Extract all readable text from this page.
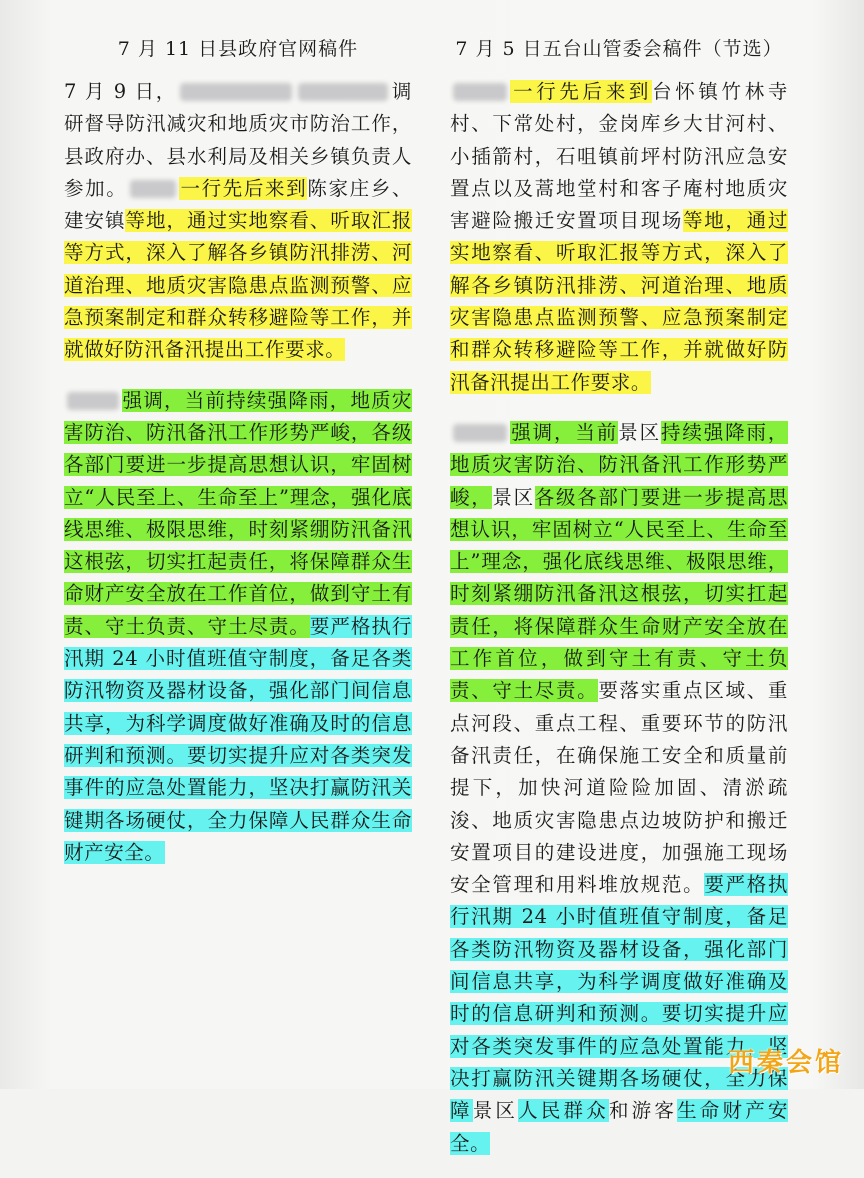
7 月 11 日县政府官网稿件

7 月 9 日，	调研督导防汛减灾和地质灾市防治工作，县政府办、县水利局及相关乡镇负责人参加。	一行先后来到陈家庄乡、建安镇等地，通过实地察看、听取汇报等方式，深入了解各乡镇防汛排涝、河道治理、地质灾害隐患点监测预警、应急预案制定和群众转移避险等工作，并就做好防汛备汛提出工作要求。

强调，当前持续强降雨，地质灾害防治、防汛备汛工作形势严峻，各级各部门要进一步提高思想认识，牢固树立“人民至上、生命至上”理念，强化底线思维、极限思维，时刻紧绷防汛备汛这根弦，切实扛起责任，将保障群众生命财产安全放在工作首位，做到守土有责、守土负责、守土尽责。要严格执行汛期 24 小时值班值守制度，备足各类防汛物资及器材设备，强化部门间信息共享，为科学调度做好准确及时的信息研判和预测。要切实提升应对各类突发事件的应急处置能力，坚决打赢防汛关键期各场硬仗，全力保障人民群众生命财产安全。

7 月 5 日五台山管委会稿件（节选）

一行先后来到台怀镇竹林寺村、下常处村，金岗库乡大甘河村、小插箭村，石咀镇前坪村防汛应急安置点以及蒿地堂村和客子庵村地质灾害避险搬迁安置项目现场等地，通过实地察看、听取汇报等方式，深入了解各乡镇防汛排涝、河道治理、地质灾害隐患点监测预警、应急预案制定和群众转移避险等工作，并就做好防汛备汛提出工作要求。

强调，当前景区持续强降雨，地质灾害防治、防汛备汛工作形势严峻，景区各级各部门要进一步提高思想认识，牢固树立“人民至上、生命至上”理念，强化底线思维、极限思维，时刻紧绷防汛备汛这根弦，切实扛起责任，将保障群众生命财产安全放在工作首位，做到守土有责、守土负责、守土尽责。要落实重点区域、重点河段、重点工程、重要环节的防汛备汛责任，在确保施工安全和质量前提下，加快河道险险加固、清淤疏浚、地质灾害隐患点边坡防护和搬迁安置项目的建设进度，加强施工现场安全管理和用料堆放规范。要严格执行汛期 24 小时值班值守制度，备足各类防汛物资及器材设备，强化部门间信息共享，为科学调度做好准确及时的信息研判和预测。要切实提升应对各类突发事件的应急处置能力，坚决打赢防汛关键期各场硬仗，全力保障景区人民群众和游客生命财产安全。

西秦会馆
